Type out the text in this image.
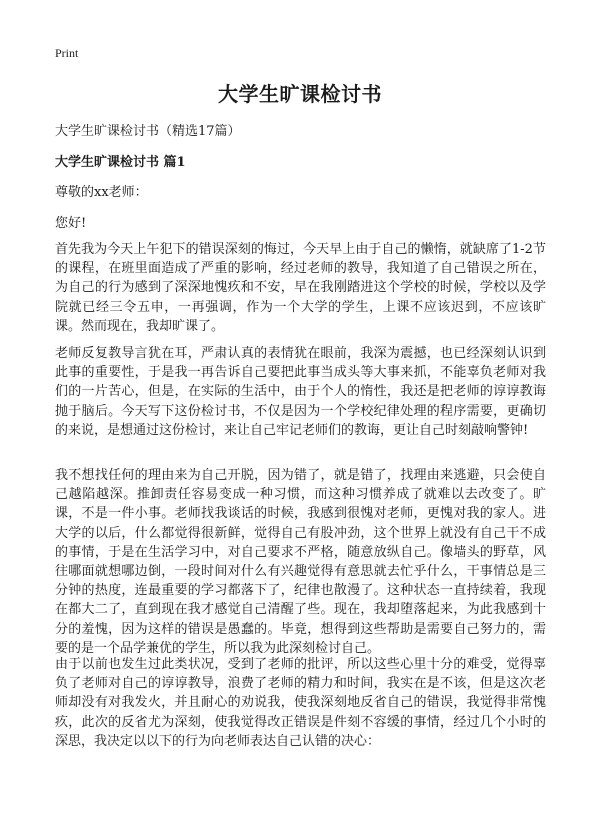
Print
大学生旷课检讨书
大学生旷课检讨书（精选17篇）
大学生旷课检讨书 篇1
尊敬的xx老师：
您好!

首先我为今天上午犯下的错误深刻的悔过，今天早上由于自己的懒惰，就缺席了1-2节的课程，在班里面造成了严重的影响，经过老师的教导，我知道了自己错误之所在，为自己的行为感到了深深地愧疚和不安，早在我刚踏进这个学校的时候，学校以及学院就已经三令五申，一再强调，作为一个大学的学生，上课不应该迟到，不应该旷课。然而现在，我却旷课了。

老师反复教导言犹在耳，严肃认真的表情犹在眼前，我深为震撼，也已经深刻认识到此事的重要性，于是我一再告诉自己要把此事当成头等大事来抓，不能辜负老师对我们的一片苦心，但是，在实际的生活中，由于个人的惰性，我还是把老师的谆谆教诲抛于脑后。今天写下这份检讨书，不仅是因为一个学校纪律处理的程序需要，更确切的来说，是想通过这份检讨，来让自己牢记老师们的教诲，更让自己时刻敲响警钟!

我不想找任何的理由来为自己开脱，因为错了，就是错了，找理由来逃避，只会使自己越陷越深。推卸责任容易变成一种习惯，而这种习惯养成了就难以去改变了。旷课，不是一件小事。老师找我谈话的时候，我感到很愧对老师，更愧对我的家人。进大学的以后，什么都觉得很新鲜，觉得自己有股冲劲，这个世界上就没有自己干不成的事情，于是在生活学习中，对自己要求不严格，随意放纵自己。像墙头的野草，风往哪面就想哪边倒，一段时间对什么有兴趣觉得有意思就去忙乎什么，干事情总是三分钟的热度，连最重要的学习都落下了，纪律也散漫了。这种状态一直持续着，我现在都大二了，直到现在我才感觉自己清醒了些。现在，我却堕落起来，为此我感到十分的羞愧，因为这样的错误是愚蠢的。毕竟，想得到这些帮助是需要自己努力的，需要的是一个品学兼优的学生，所以我为此深刻检讨自己。

由于以前也发生过此类状况，受到了老师的批评，所以这些心里十分的难受，觉得辜负了老师对自己的谆谆教导，浪费了老师的精力和时间，我实在是不该，但是这次老师却没有对我发火，并且耐心的劝说我，使我深刻地反省自己的错误，我觉得非常愧疚，此次的反省尤为深刻，使我觉得改正错误是件刻不容缓的事情，经过几个小时的深思，我决定以以下的行为向老师表达自己认错的决心：
